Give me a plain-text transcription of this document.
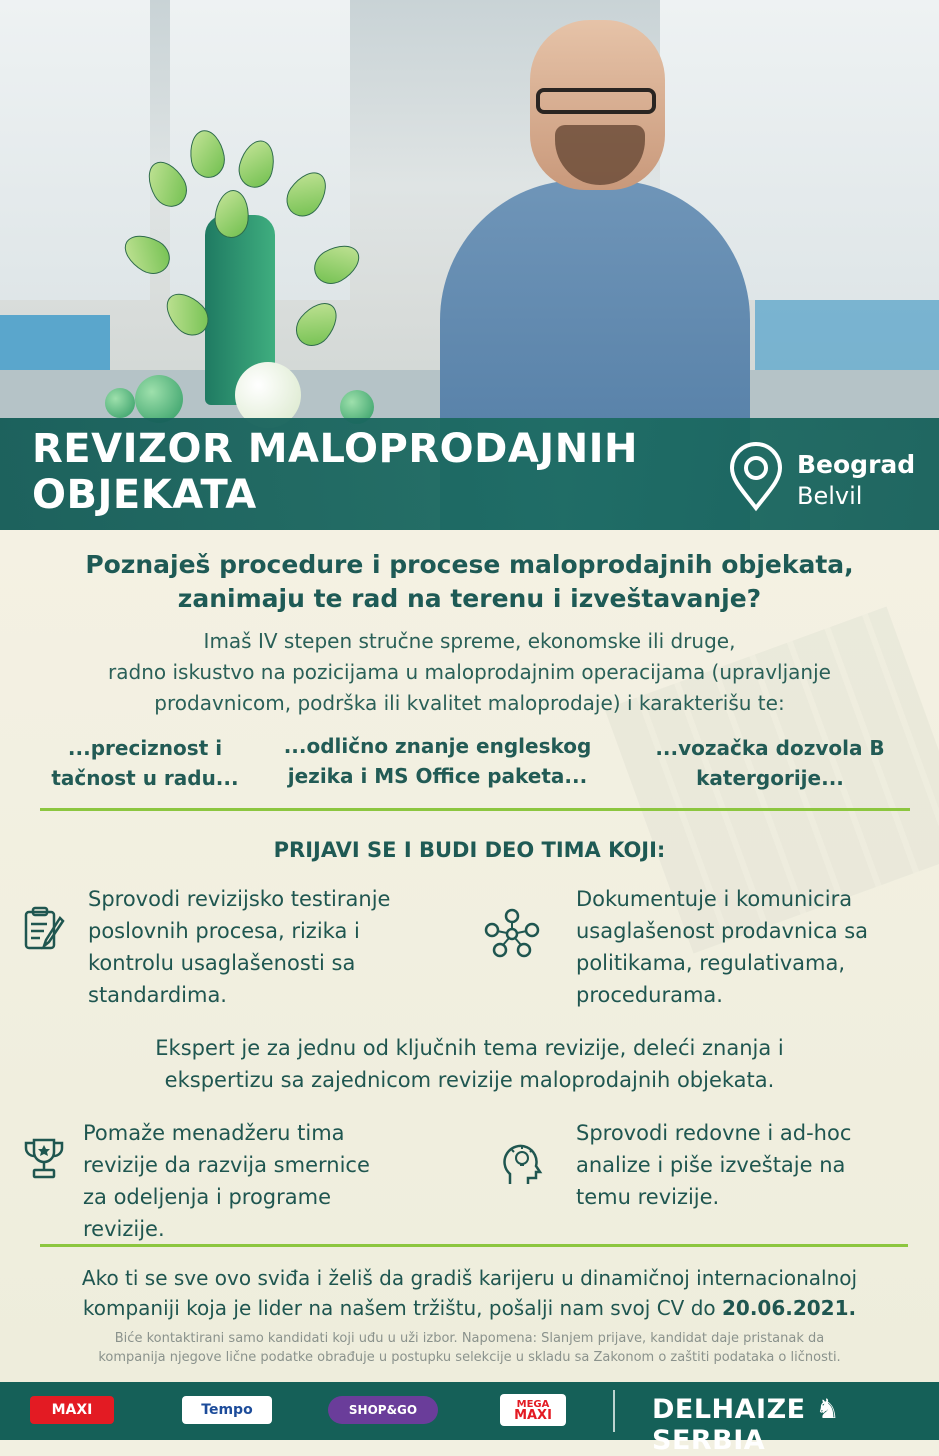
REVIZOR MALOPRODAJNIH
OBJEKATA
Beograd
Belvil
Poznaješ procedure i procese maloprodajnih objekata,
zanimaju te rad na terenu i izveštavanje?
Imaš IV stepen stručne spreme, ekonomske ili druge,
radno iskustvo na pozicijama u maloprodajnim operacijama (upravljanje
prodavnicom, podrška ili kvalitet maloprodaje) i karakterišu te:
...preciznost i
tačnost u radu...
...odlično znanje engleskog
jezika i MS Office paketa...
...vozačka dozvola B
katergorije...
PRIJAVI SE I BUDI DEO TIMA KOJI:
Sprovodi revizijsko testiranje
poslovnih procesa, rizika i
kontrolu usaglašenosti sa
standardima.
Dokumentuje i komunicira
usaglašenost prodavnica sa
politikama, regulativama,
procedurama.
Ekspert je za jednu od ključnih tema revizije, deleći znanja i
ekspertizu sa zajednicom revizije maloprodajnih objekata.
Pomaže menadžeru tima
revizije da razvija smernice
za odeljenja i programe
revizije.
Sprovodi redovne i ad-hoc
analize i piše izveštaje na
temu revizije.
Ako ti se sve ovo sviđa i želiš da gradiš karijeru u dinamičnoj internacionalnoj
kompaniji koja je lider na našem tržištu, pošalji nam svoj CV do 20.06.2021.
Biće kontaktirani samo kandidati koji uđu u uži izbor. Napomena: Slanjem prijave, kandidat daje pristanak da
kompanija njegove lične podatke obrađuje u postupku selekcije u skladu sa Zakonom o zaštiti podataka o ličnosti.
MAXI	Tempo	SHOP&GO	MEGA
MAXI	DELHAIZE ♞ SERBIA
